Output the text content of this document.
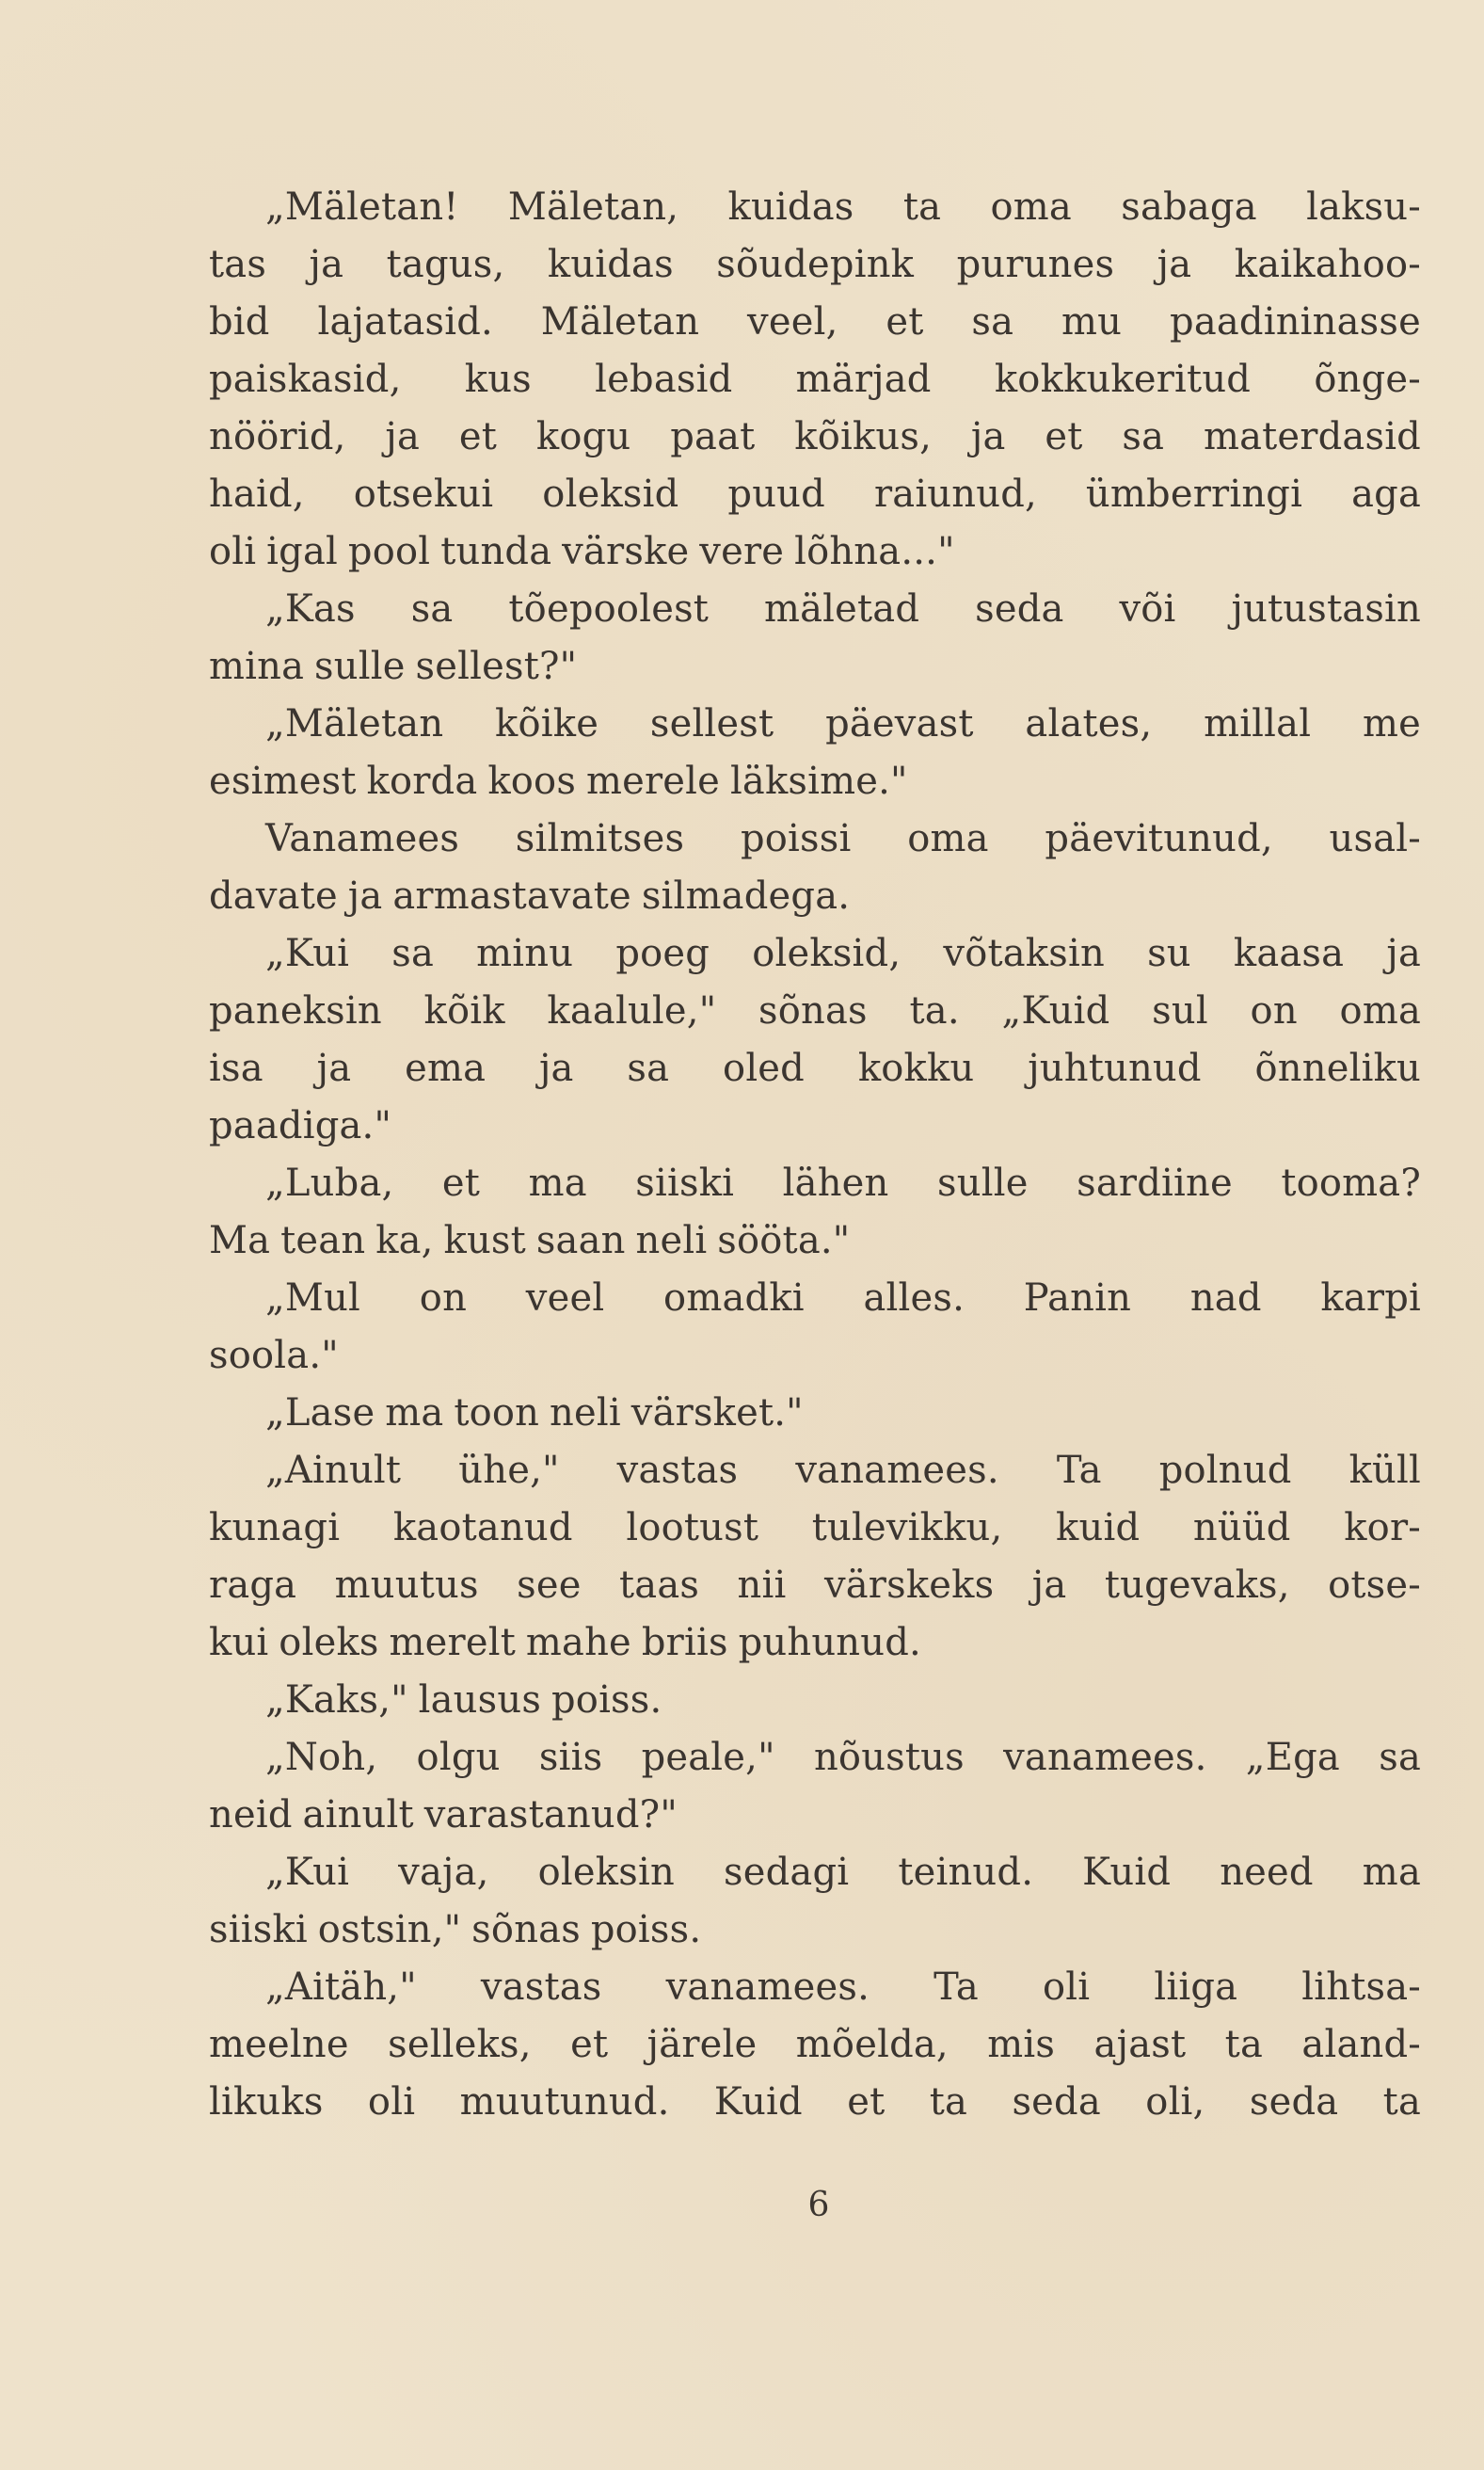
„Mäletan! Mäletan, kuidas ta oma sabaga laksu-
tas ja tagus, kuidas sõudepink purunes ja kaikahoo-
bid lajatasid. Mäletan veel, et sa mu paadininasse
paiskasid, kus lebasid märjad kokkukeritud õnge-
nöörid, ja et kogu paat kõikus, ja et sa materdasid
haid, otsekui oleksid puud raiunud, ümberringi aga
oli igal pool tunda värske vere lõhna..."
„Kas sa tõepoolest mäletad seda või jutustasin
mina sulle sellest?"
„Mäletan kõike sellest päevast alates, millal me
esimest korda koos merele läksime."
Vanamees silmitses poissi oma päevitunud, usal-
davate ja armastavate silmadega.
„Kui sa minu poeg oleksid, võtaksin su kaasa ja
paneksin kõik kaalule," sõnas ta. „Kuid sul on oma
isa ja ema ja sa oled kokku juhtunud õnneliku
paadiga."
„Luba, et ma siiski lähen sulle sardiine tooma?
Ma tean ka, kust saan neli sööta."
„Mul on veel omadki alles. Panin nad karpi
soola."
„Lase ma toon neli värsket."
„Ainult ühe," vastas vanamees. Ta polnud küll
kunagi kaotanud lootust tulevikku, kuid nüüd kor-
raga muutus see taas nii värskeks ja tugevaks, otse-
kui oleks merelt mahe briis puhunud.
„Kaks," lausus poiss.
„Noh, olgu siis peale," nõustus vanamees. „Ega sa
neid ainult varastanud?"
„Kui vaja, oleksin sedagi teinud. Kuid need ma
siiski ostsin," sõnas poiss.
„Aitäh," vastas vanamees. Ta oli liiga lihtsa-
meelne selleks, et järele mõelda, mis ajast ta aland-
likuks oli muutunud. Kuid et ta seda oli, seda ta
6
